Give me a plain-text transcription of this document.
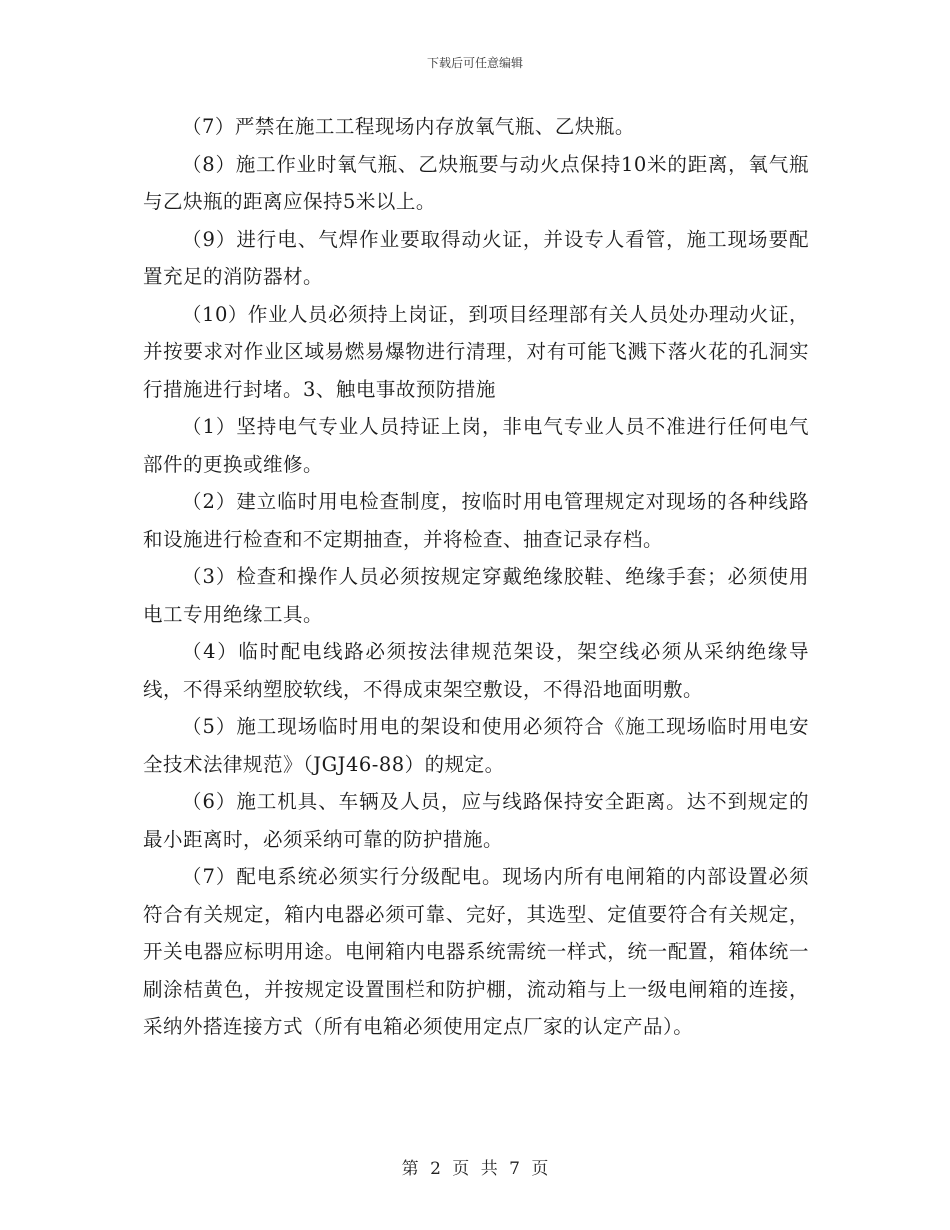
下载后可任意编辑

（7）严禁在施工工程现场内存放氧气瓶、乙炔瓶。

（8）施工作业时氧气瓶、乙炔瓶要与动火点保持10米的距离，氧气瓶与乙炔瓶的距离应保持5米以上。

（9）进行电、气焊作业要取得动火证，并设专人看管，施工现场要配置充足的消防器材。

（10）作业人员必须持上岗证，到项目经理部有关人员处办理动火证，并按要求对作业区域易燃易爆物进行清理，对有可能飞溅下落火花的孔洞实行措施进行封堵。3、触电事故预防措施

（1）坚持电气专业人员持证上岗，非电气专业人员不准进行任何电气部件的更换或维修。

（2）建立临时用电检查制度，按临时用电管理规定对现场的各种线路和设施进行检查和不定期抽查，并将检查、抽查记录存档。

（3）检查和操作人员必须按规定穿戴绝缘胶鞋、绝缘手套；必须使用电工专用绝缘工具。

（4）临时配电线路必须按法律规范架设，架空线必须从采纳绝缘导线，不得采纳塑胶软线，不得成束架空敷设，不得沿地面明敷。

（5）施工现场临时用电的架设和使用必须符合《施工现场临时用电安全技术法律规范》（JGJ46-88）的规定。

（6）施工机具、车辆及人员，应与线路保持安全距离。达不到规定的最小距离时，必须采纳可靠的防护措施。

（7）配电系统必须实行分级配电。现场内所有电闸箱的内部设置必须符合有关规定，箱内电器必须可靠、完好，其选型、定值要符合有关规定，开关电器应标明用途。电闸箱内电器系统需统一样式，统一配置，箱体统一刷涂桔黄色，并按规定设置围栏和防护棚，流动箱与上一级电闸箱的连接，采纳外搭连接方式（所有电箱必须使用定点厂家的认定产品）。

第 2 页 共 7 页
